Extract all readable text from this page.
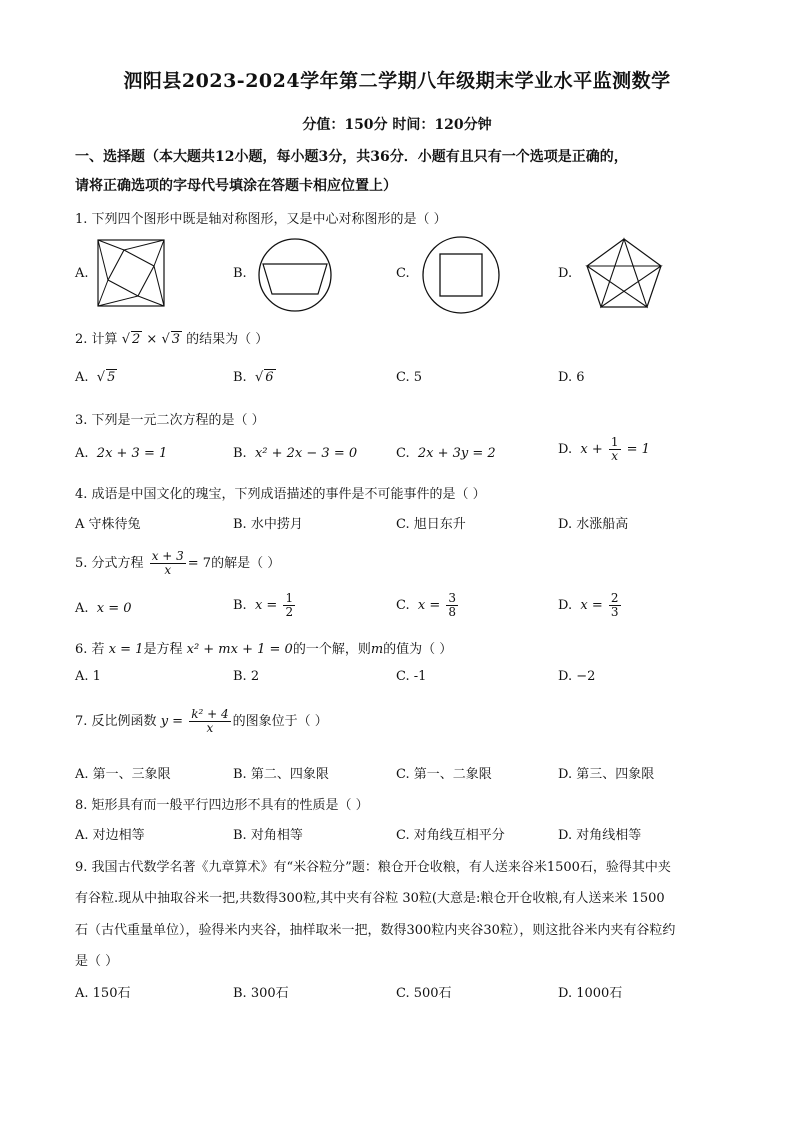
泗阳县2023-2024学年第二学期八年级期末学业水平监测数学
分值：150分 时间：120分钟
一、选择题（本大题共12小题，每小题3分，共36分．小题有且只有一个选项是正确的，
请将正确选项的字母代号填涂在答题卡相应位置上）
1. 下列四个图形中既是轴对称图形，又是中心对称图形的是（ ）
A.	B.	C.	D.
2. 计算 √ 2 × √ 3 的结果为（ ）
A. √ 5	B. √ 6	C. 5	D. 6
3. 下列是一元二次方程的是（ ）
A. 2x + 3 = 1	B. x² + 2x − 3 = 0	C. 2x + 3y = 2	D. $x + \frac{1}{x} = 1$
4. 成语是中国文化的瑰宝，下列成语描述的事件是不可能事件的是（ ）
A 守株待兔	B. 水中捞月	C. 旭日东升	D. 水涨船高
5. 分式方程 $\frac{x + 3}{x} = 7$的解是（ ）
A. x = 0	B. $x = \frac{1}{2}$	C. $x = \frac{3}{8}$	D. $x = \frac{2}{3}$
6. 若 x = 1是方程 x² + mx + 1 = 0的一个解，则m的值为（ ）
A. 1	B. 2	C. -1	D. −2
7. 反比例函数 $y = \frac{\text{k² + 4}}{x}$ 的图象位于（ ）
A. 第一、三象限	B. 第二、四象限	C. 第一、二象限	D. 第三、四象限
8. 矩形具有而一般平行四边形不具有的性质是（ ）
A. 对边相等	B. 对角相等	C. 对角线互相平分	D. 对角线相等
9. 我国古代数学名著《九章算术》有“米谷粒分”题：粮仓开仓收粮，有人送来谷米1500石，验得其中夹
有谷粒.现从中抽取谷米一把,共数得300粒,其中夹有谷粒 30粒(大意是:粮仓开仓收粮,有人送来米 1500
石（古代重量单位），验得米内夹谷，抽样取米一把，数得300粒内夹谷30粒），则这批谷米内夹有谷粒约
是（ ）
A. 150石	B. 300石	C. 500石	D. 1000石
